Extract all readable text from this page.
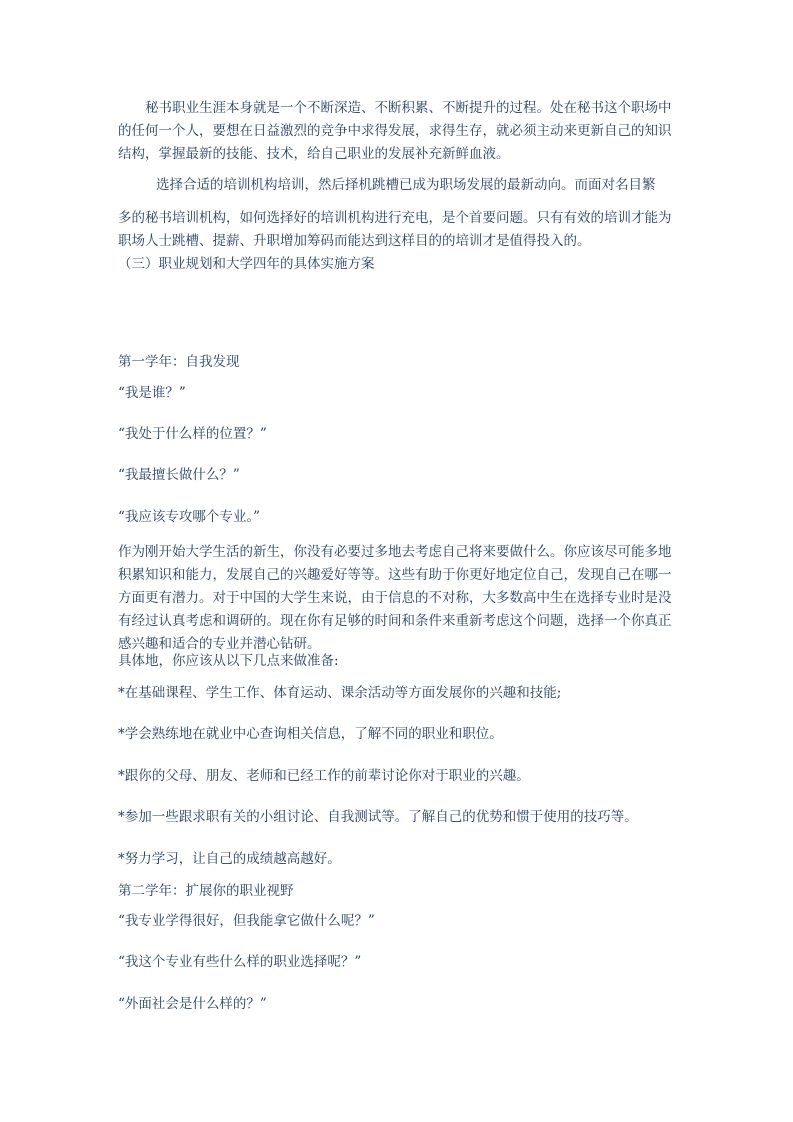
秘书职业生涯本身就是一个不断深造、不断积累、不断提升的过程。处在秘书这个职场中的任何一个人，要想在日益激烈的竞争中求得发展，求得生存，就必须主动来更新自己的知识结构，掌握最新的技能、技术，给自己职业的发展补充新鲜血液。

选择合适的培训机构培训，然后择机跳槽已成为职场发展的最新动向。而面对名目繁

多的秘书培训机构，如何选择好的培训机构进行充电，是个首要问题。只有有效的培训才能为职场人士跳槽、提薪、升职增加筹码而能达到这样目的的培训才是值得投入的。

（三）职业规划和大学四年的具体实施方案

第一学年：自我发现

“我是谁？”

“我处于什么样的位置？”

“我最擅长做什么？”

“我应该专攻哪个专业。”

作为刚开始大学生活的新生，你没有必要过多地去考虑自己将来要做什么。你应该尽可能多地积累知识和能力，发展自己的兴趣爱好等等。这些有助于你更好地定位自己，发现自己在哪一方面更有潜力。对于中国的大学生来说，由于信息的不对称，大多数高中生在选择专业时是没有经过认真考虑和调研的。现在你有足够的时间和条件来重新考虑这个问题，选择一个你真正感兴趣和适合的专业并潜心钻研。

具体地，你应该从以下几点来做准备:

*在基础课程、学生工作、体育运动、课余活动等方面发展你的兴趣和技能;

*学会熟练地在就业中心查询相关信息，了解不同的职业和职位。

*跟你的父母、朋友、老师和已经工作的前辈讨论你对于职业的兴趣。

*参加一些跟求职有关的小组讨论、自我测试等。了解自己的优势和惯于使用的技巧等。

*努力学习，让自己的成绩越高越好。

第二学年：扩展你的职业视野

“我专业学得很好，但我能拿它做什么呢？”

“我这个专业有些什么样的职业选择呢？”

“外面社会是什么样的？”
